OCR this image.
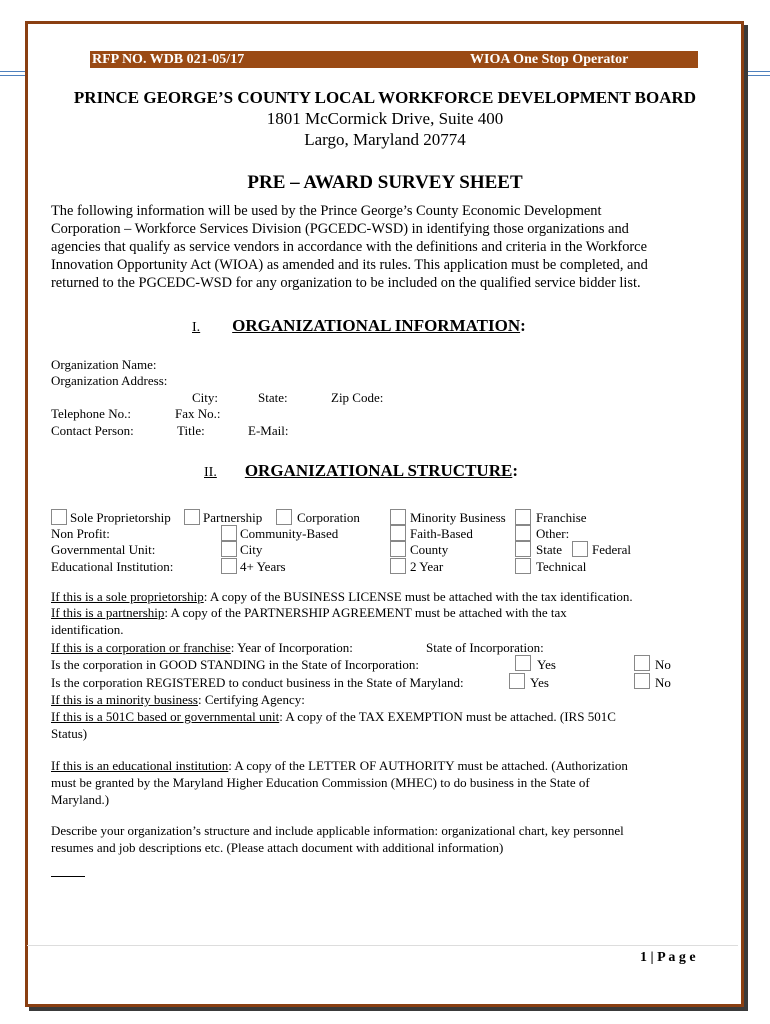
RFP NO. WDB 021-05/17	WIOA One Stop Operator
PRINCE GEORGE’S COUNTY LOCAL WORKFORCE DEVELOPMENT BOARD
1801 McCormick Drive, Suite 400
Largo, Maryland 20774
PRE – AWARD SURVEY SHEET
The following information will be used by the Prince George’s County Economic Development
Corporation – Workforce Services Division (PGCEDC-WSD) in identifying those organizations and
agencies that qualify as service vendors in accordance with the definitions and criteria in the Workforce
Innovation Opportunity Act (WIOA) as amended and its rules. This application must be completed, and
returned to the PGCEDC-WSD for any organization to be included on the qualified service bidder list.
I. ORGANIZATIONAL INFORMATION:
Organization Name:
Organization Address:
City:	State:	Zip Code:
Telephone No.:	Fax No.:
Contact Person:	Title:	E-Mail:
II. ORGANIZATIONAL STRUCTURE:
Sole Proprietorship Partnership	Corporation	Minority Business Franchise
Non Profit:	Community-Based	Faith-Based	Other:
Governmental Unit:	City	County	State Federal
Educational Institution:	4+ Years	2 Year	Technical
If this is a sole proprietorship: A copy of the BUSINESS LICENSE must be attached with the tax identification.
If this is a partnership: A copy of the PARTNERSHIP AGREEMENT must be attached with the tax
identification.
If this is a corporation or franchise: Year of Incorporation:	State of Incorporation:
Is the corporation in GOOD STANDING in the State of Incorporation:	Yes	No
Is the corporation REGISTERED to conduct business in the State of Maryland:	Yes	No
If this is a minority business: Certifying Agency:
If this is a 501C based or governmental unit: A copy of the TAX EXEMPTION must be attached. (IRS 501C
Status)
If this is an educational institution: A copy of the LETTER OF AUTHORITY must be attached. (Authorization
must be granted by the Maryland Higher Education Commission (MHEC) to do business in the State of
Maryland.)
Describe your organization’s structure and include applicable information: organizational chart, key personnel
resumes and job descriptions etc. (Please attach document with additional information)
1 | P a g e
